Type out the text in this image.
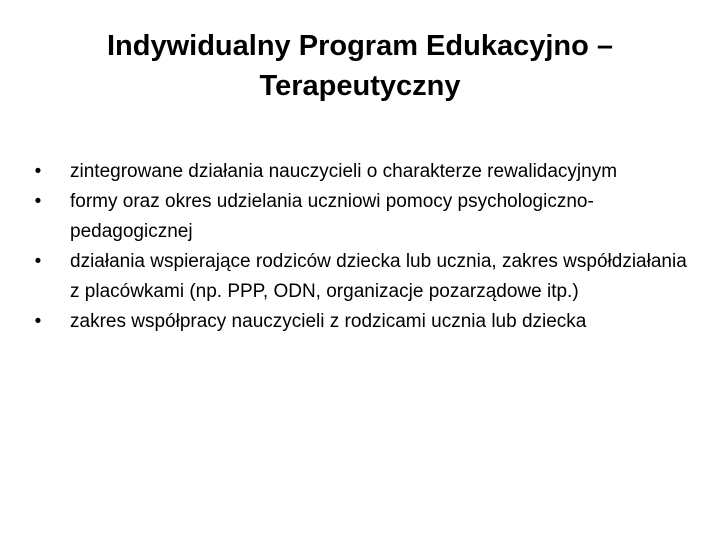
Indywidualny Program Edukacyjno – Terapeutyczny
•	zintegrowane działania nauczycieli o charakterze rewalidacyjnym
•	formy oraz okres udzielania uczniowi pomocy psychologiczno-pedagogicznej
•	działania wspierające rodziców dziecka lub ucznia, zakres współdziałania z placówkami (np. PPP, ODN, organizacje pozarządowe itp.)
•	zakres współpracy nauczycieli z rodzicami ucznia lub dziecka
